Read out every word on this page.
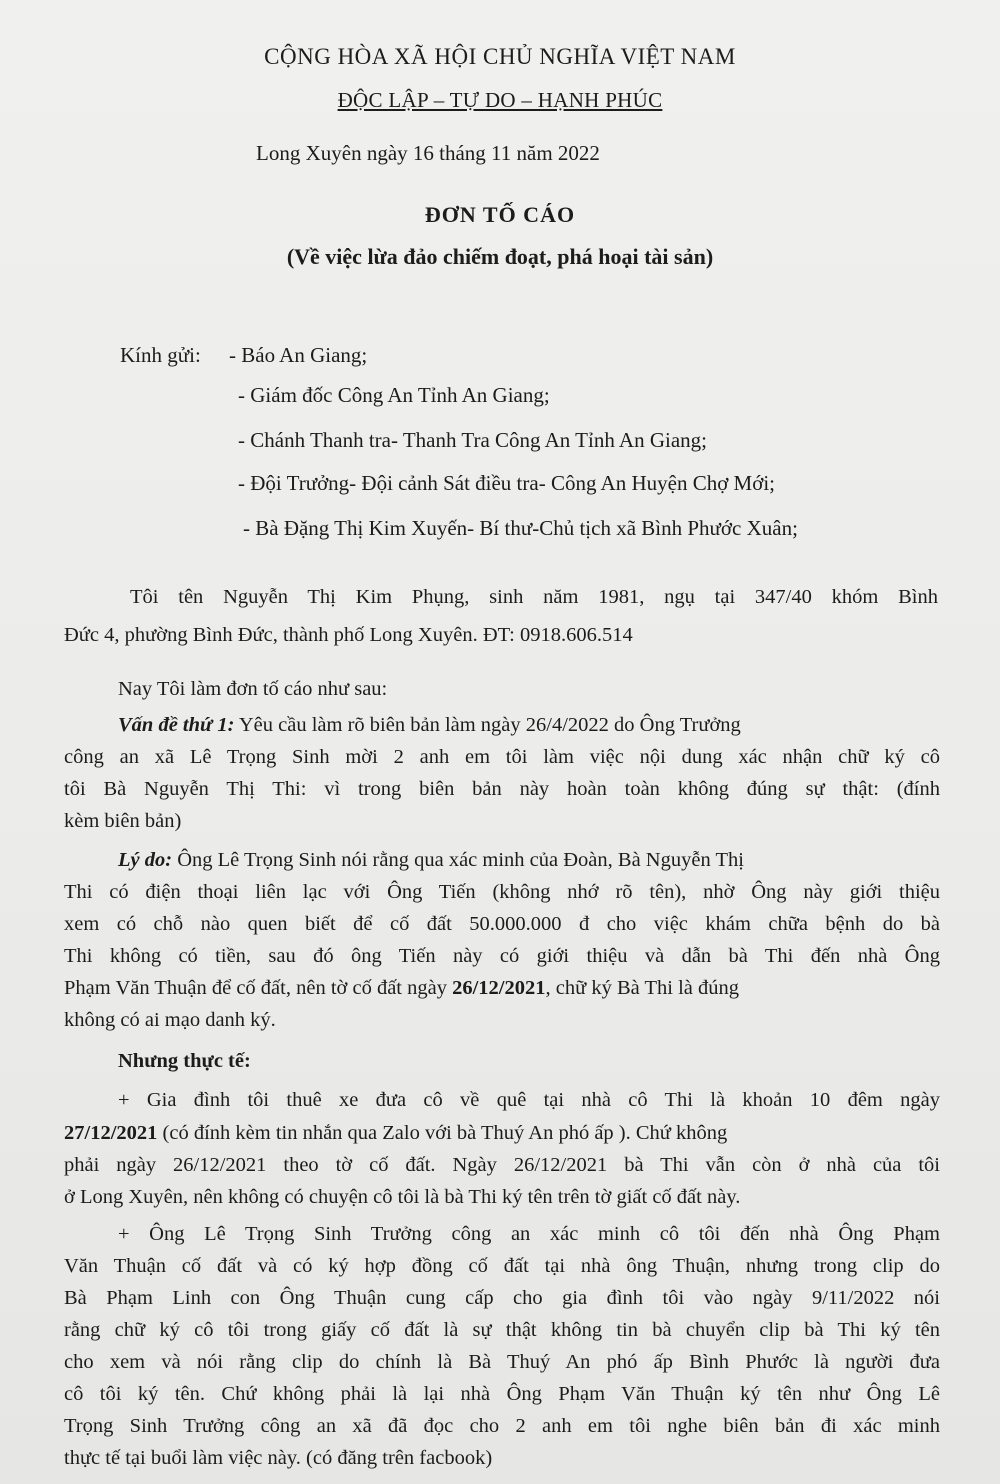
CỘNG HÒA XÃ HỘI CHỦ NGHĨA VIỆT NAM
ĐỘC LẬP – TỰ DO – HẠNH PHÚC
Long Xuyên ngày 16 tháng 11 năm 2022
ĐƠN TỐ CÁO
(Về việc lừa đảo chiếm đoạt, phá hoại tài sản)
Kính gửi: - Báo An Giang;
- Giám đốc Công An Tỉnh An Giang;
- Chánh Thanh tra- Thanh Tra Công An Tỉnh An Giang;
- Đội Trưởng- Đội cảnh Sát điều tra- Công An Huyện Chợ Mới;
- Bà Đặng Thị Kim Xuyến- Bí thư-Chủ tịch xã Bình Phước Xuân;
Tôi tên Nguyễn Thị Kim Phụng, sinh năm 1981, ngụ tại 347/40 khóm Bình
Đức 4, phường Bình Đức, thành phố Long Xuyên. ĐT: 0918.606.514
Nay Tôi làm đơn tố cáo như sau:
Vấn đề thứ 1: Yêu cầu làm rõ biên bản làm ngày 26/4/2022 do Ông Trưởng
công an xã Lê Trọng Sinh mời 2 anh em tôi làm việc nội dung xác nhận chữ ký cô
tôi Bà Nguyễn Thị Thi: vì trong biên bản này hoàn toàn không đúng sự thật: (đính
kèm biên bản)
Lý do: Ông Lê Trọng Sinh nói rằng qua xác minh của Đoàn, Bà Nguyễn Thị
Thi có điện thoại liên lạc với Ông Tiến (không nhớ rõ tên), nhờ Ông này giới thiệu
xem có chỗ nào quen biết để cố đất 50.000.000 đ cho việc khám chữa bệnh do bà
Thi không có tiền, sau đó ông Tiến này có giới thiệu và dẫn bà Thi đến nhà Ông
Phạm Văn Thuận để cố đất, nên tờ cố đất ngày 26/12/2021, chữ ký Bà Thi là đúng
không có ai mạo danh ký.
Nhưng thực tế:
+ Gia đình tôi thuê xe đưa cô về quê tại nhà cô Thi là khoản 10 đêm ngày
27/12/2021 (có đính kèm tin nhắn qua Zalo với bà Thuý An phó ấp ). Chứ không
phải ngày 26/12/2021 theo tờ cố đất. Ngày 26/12/2021 bà Thi vẫn còn ở nhà của tôi
ở Long Xuyên, nên không có chuyện cô tôi là bà Thi ký tên trên tờ giất cố đất này.
+ Ông Lê Trọng Sinh Trưởng công an xác minh cô tôi đến nhà Ông Phạm
Văn Thuận cố đất và có ký hợp đồng cố đất tại nhà ông Thuận, nhưng trong clip do
Bà Phạm Linh con Ông Thuận cung cấp cho gia đình tôi vào ngày 9/11/2022 nói
rằng chữ ký cô tôi trong giấy cố đất là sự thật không tin bà chuyển clip bà Thi ký tên
cho xem và nói rằng clip do chính là Bà Thuý An phó ấp Bình Phước là người đưa
cô tôi ký tên. Chứ không phải là lại nhà Ông Phạm Văn Thuận ký tên như Ông Lê
Trọng Sinh Trưởng công an xã đã đọc cho 2 anh em tôi nghe biên bản đi xác minh
thực tế tại buổi làm việc này. (có đăng trên facbook)
